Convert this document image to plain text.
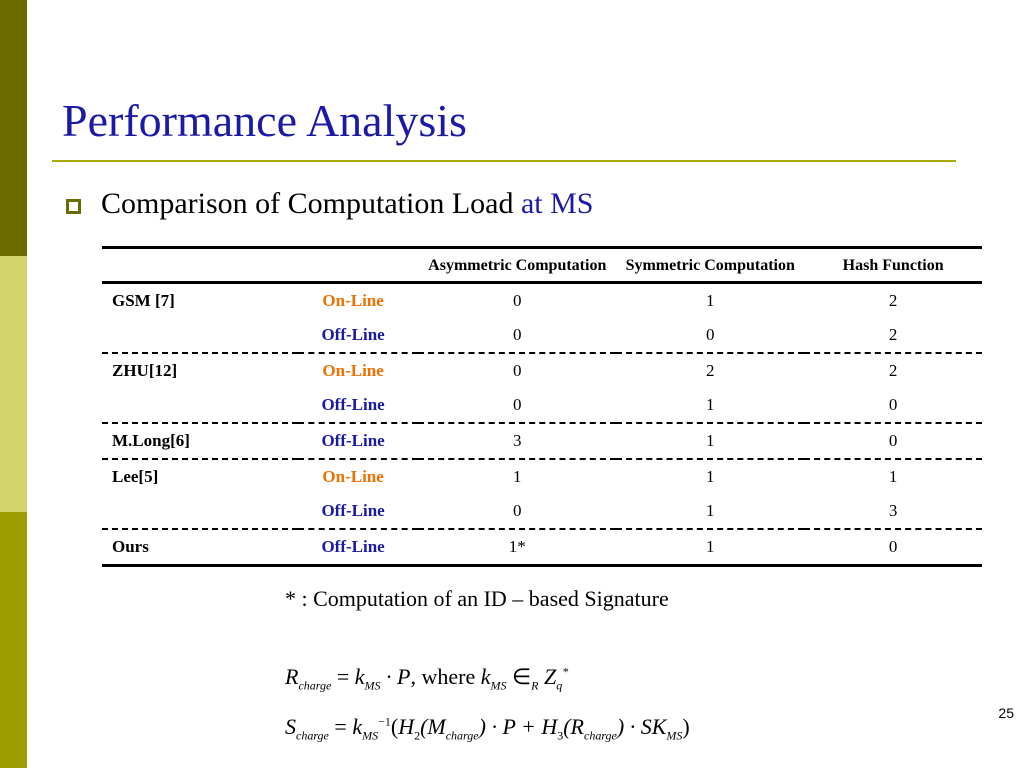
Performance Analysis
Comparison of Computation Load at MS
		Asymmetric Computation	Symmetric Computation	Hash Function
GSM [7]	On-Line	0	1	2
	Off-Line	0	0	2
ZHU[12]	On-Line	0	2	2
	Off-Line	0	1	0
M.Long[6]	Off-Line	3	1	0
Lee[5]	On-Line	1	1	1
	Off-Line	0	1	3
Ours	Off-Line	1*	1	0
* : Computation of an ID – based Signature
$R_{charge} = k_{MS} \cdot P$, where $k_{MS}$ $\in_R$ $Z_q^*$
$S_{charge} = k_{MS}^{-1}(H_2(M_{charge}) \cdot P + H_3(R_{charge}) \cdot SK_{MS})$
25
